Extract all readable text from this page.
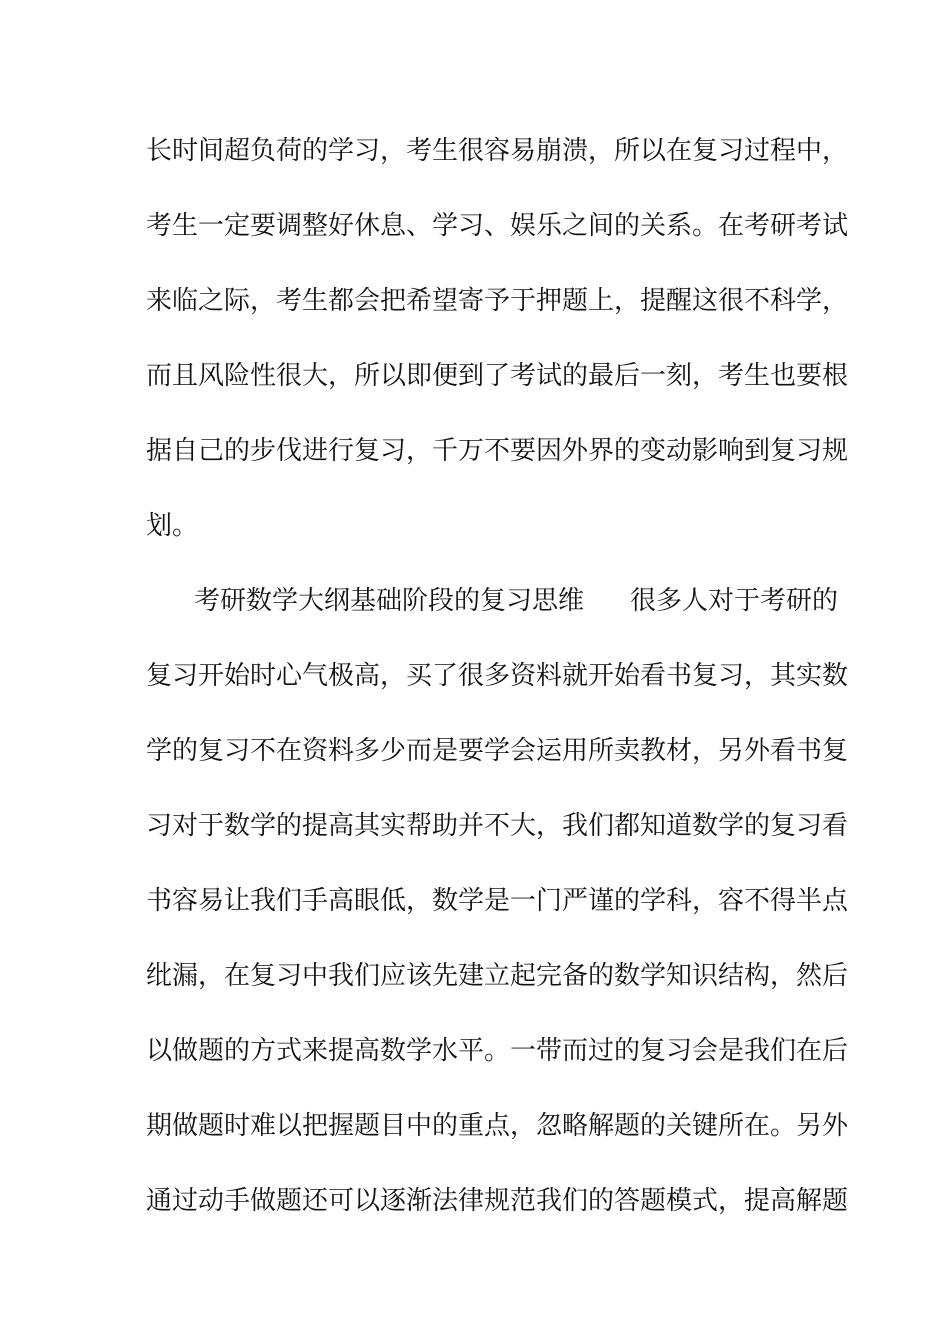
长时间超负荷的学习，考生很容易崩溃，所以在复习过程中，

考生一定要调整好休息、学习、娱乐之间的关系。在考研考试

来临之际，考生都会把希望寄予于押题上，提醒这很不科学，

而且风险性很大，所以即便到了考试的最后一刻，考生也要根

据自己的步伐进行复习，千万不要因外界的变动影响到复习规

划。

考研数学大纲基础阶段的复习思维 很多人对于考研的

复习开始时心气极高，买了很多资料就开始看书复习，其实数

学的复习不在资料多少而是要学会运用所卖教材，另外看书复

习对于数学的提高其实帮助并不大，我们都知道数学的复习看

书容易让我们手高眼低，数学是一门严谨的学科，容不得半点

纰漏，在复习中我们应该先建立起完备的数学知识结构，然后

以做题的方式来提高数学水平。一带而过的复习会是我们在后

期做题时难以把握题目中的重点，忽略解题的关键所在。另外

通过动手做题还可以逐渐法律规范我们的答题模式，提高解题
